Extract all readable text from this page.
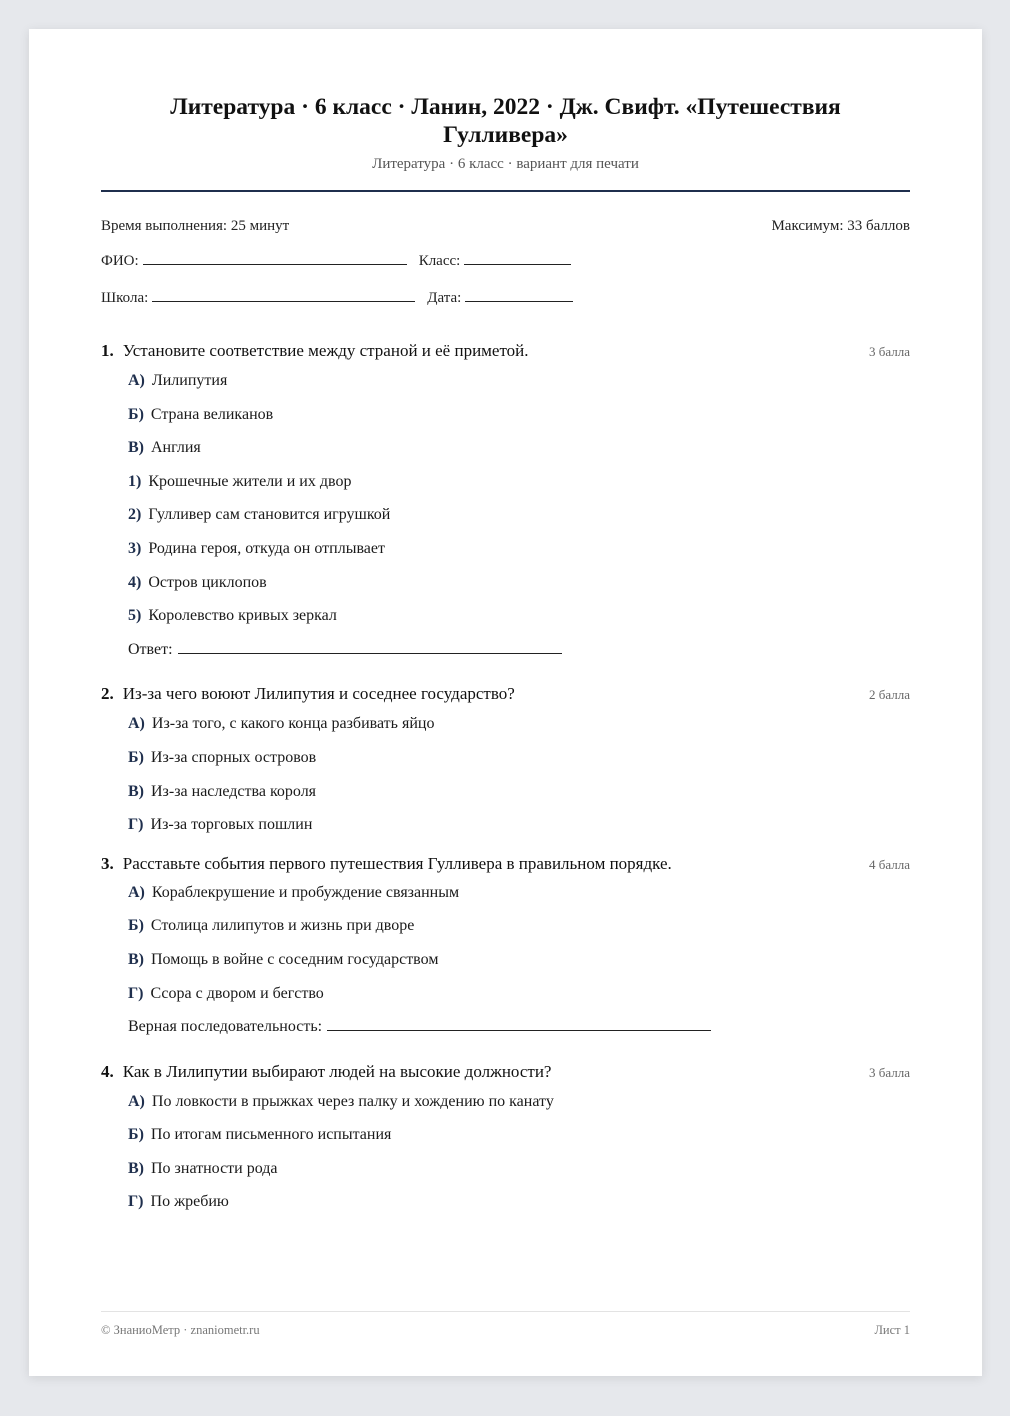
Литература · 6 класс · Ланин, 2022 · Дж. Свифт. «Путешествия Гулливера»
Литература · 6 класс · вариант для печати
Время выполнения: 25 минут	Максимум: 33 баллов
ФИО:	Класс:
Школа:	Дата:
1. Установите соответствие между страной и её приметой.	3 балла
А) Лилипутия
Б) Страна великанов
В) Англия
1) Крошечные жители и их двор
2) Гулливер сам становится игрушкой
3) Родина героя, откуда он отплывает
4) Остров циклопов
5) Королевство кривых зеркал
Ответ:
2. Из-за чего воюют Лилипутия и соседнее государство?	2 балла
А) Из-за того, с какого конца разбивать яйцо
Б) Из-за спорных островов
В) Из-за наследства короля
Г) Из-за торговых пошлин
3. Расставьте события первого путешествия Гулливера в правильном порядке.	4 балла
А) Кораблекрушение и пробуждение связанным
Б) Столица лилипутов и жизнь при дворе
В) Помощь в войне с соседним государством
Г) Ссора с двором и бегство
Верная последовательность:
4. Как в Лилипутии выбирают людей на высокие должности?	3 балла
А) По ловкости в прыжках через палку и хождению по канату
Б) По итогам письменного испытания
В) По знатности рода
Г) По жребию
© ЗнаниоМетр · znaniometr.ru	Лист 1
